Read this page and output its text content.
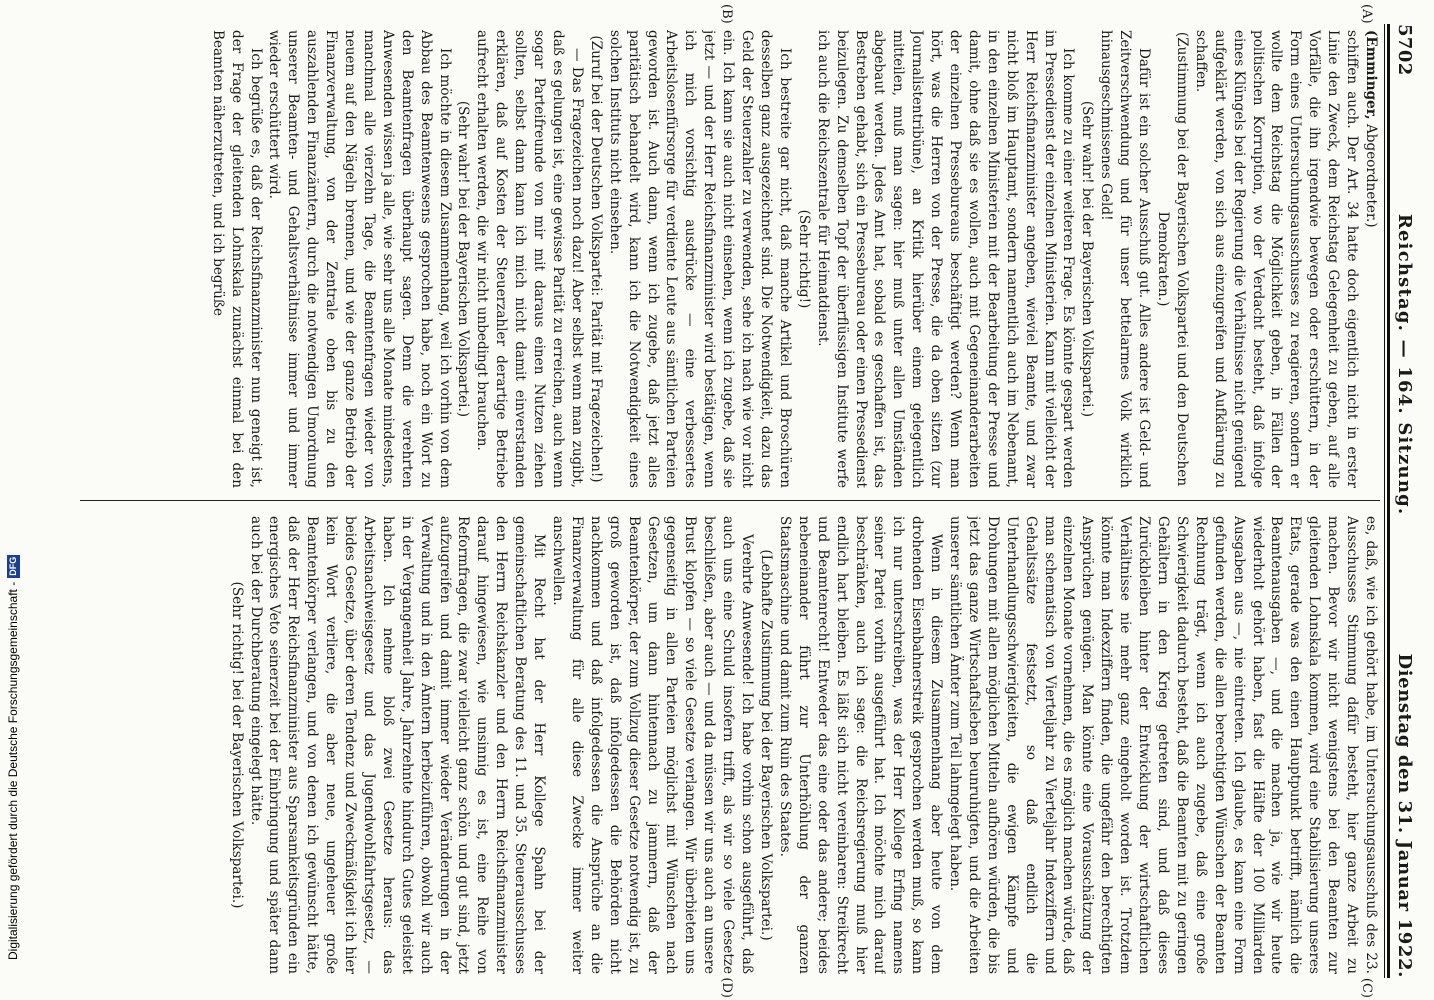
5702
Reichstag. — 164. Sitzung.
Dienstag den 31. Januar 1922.
(A)
(B)
(C)
(D)

(Emminger, Abgeordneter.)

schiffen auch. Der Art. 34 hatte doch eigentlich nicht in erster Linie den Zweck, dem Reichstag Gelegenheit zu geben, auf alle Vorfälle, die ihn irgendwie bewegen oder erschüttern, in der Form eines Untersuchungsausschusses zu reagieren, sondern er wollte dem Reichstag die Möglichkeit geben, in Fällen der politischen Korruption, wo der Verdacht besteht, daß infolge eines Klüngels bei der Regierung die Verhältnisse nicht genügend aufgeklärt werden, von sich aus einzugreifen und Aufklärung zu schaffen.

(Zustimmung bei der Bayerischen Volkspartei und den Deutschen Demokraten.)

Dafür ist ein solcher Ausschuß gut. Alles andere ist Geld- und Zeitverschwendung und für unser bettelarmes Volk wirklich hinausgeschmissenes Geld!

(Sehr wahr! bei der Bayerischen Volkspartei.)

Ich komme zu einer weiteren Frage. Es könnte gespart werden im Pressedienst der einzelnen Ministerien. Kann mit vielleicht der Herr Reichsfinanzminister angeben, wieviel Beamte, und zwar nicht bloß im Hauptamt, sondern namentlich auch im Nebenamt, in den einzelnen Ministerien mit der Bearbeitung der Presse und damit, ohne daß sie es wollen, auch mit Gegeneinanderarbeiten der einzelnen Pressebureaus beschäftigt werden? Wenn man hört, was die Herren von der Presse, die da oben sitzen (zur Journalistentribüne), an Kritik hierüber einem gelegentlich mitteilen, muß man sagen: hier muß unter allen Umständen abgebaut werden. Jedes Amt hat, sobald es geschaffen ist, das Bestreben gehabt, sich ein Pressebureau oder einen Pressedienst beizulegen. Zu demselben Topf der überflüssigen Institute werfe ich auch die Reichszentrale für Heimatdienst.

(Sehr richtig!)

Ich bestreite gar nicht, daß manche Artikel und Broschüren desselben ganz ausgezeichnet sind. Die Notwendigkeit, dazu das Geld der Steuerzahler zu verwenden, sehe ich nach wie vor nicht ein. Ich kann sie auch nicht einsehen, wenn ich zugebe, daß sie jetzt — und der Herr Reichsfinanzminister wird bestätigen, wenn ich mich vorsichtig ausdrücke — eine verbessertes Arbeitslosenfürsorge für verdiente Leute aus sämtlichen Parteien geworden ist. Auch dann, wenn ich zugebe, daß jetzt alles paritätisch behandelt wird, kann ich die Notwendigkeit eines solchen Instituts nicht einsehen.

(Zuruf bei der Deutschen Volkspartei: Parität mit Fragezeichen!)

— Das Fragezeichen noch dazu! Aber selbst wenn man zugibt, daß es gelungen ist, eine gewisse Parität zu erreichen, auch wenn sogar Parteifreunde von mir mit daraus einen Nutzen ziehen sollten, selbst dann kann ich mich nicht damit einverstanden erklären, daß auf Kosten der Steuerzahler derartige Betriebe aufrecht erhalten werden, die wir nicht unbedingt brauchen.

(Sehr wahr! bei der Bayerischen Volkspartei.)

Ich möchte in diesem Zusammenhang, weil ich vorhin von dem Abbau des Beamtenwesens gesprochen habe, noch ein Wort zu den Beamtenfragen überhaupt sagen. Denn die verehrten Anwesenden wissen ja alle, wie sehr uns alle Monate mindestens, manchmal alle vierzehn Tage, die Beamtenfragen wieder von neuem auf den Nägeln brennen, und wie der ganze Betrieb der Finanzverwaltung, von der Zentrale oben bis zu den auszahlenden Finanzämtern, durch die notwendigen Umordnung unserer Beamten- und Gehaltsverhältnisse immer und immer wieder erschüttert wird.

Ich begrüße es, daß der Reichsfinanzminister nun geneigt ist, der Frage der gleitenden Lohnskala zunächst einmal bei den Beamten näherzutreten, und ich begrüße

es, daß, wie ich gehört habe, im Untersuchungsausschuß des 23. Ausschusses Stimmung dafür besteht, hier ganze Arbeit zu machen. Bevor wir nicht wenigstens bei den Beamten zur gleitenden Lohnskala kommen, wird eine Stabilisierung unseres Etats, gerade was den einen Hauptpunkt betrifft, nämlich die Beamtenausgaben —, und die machen ja, wie wir heute wiederholt gehört haben, fast die Hälfte der 100 Milliarden Ausgaben aus —, nie eintreten. Ich glaube, es kann eine Form gefunden werden, die allen berechtigten Wünschen der Beamten Rechnung trägt, wenn ich auch zugebe, daß eine große Schwierigkeit dadurch besteht, daß die Beamten mit zu geringen Gehältern in den Krieg getreten sind, und daß dieses Zurückbleiben hinter der Entwicklung der wirtschaftlichen Verhältnisse nie mehr ganz eingeholt worden ist. Trotzdem könnte man Indexziffern finden, die ungefähr den berechtigten Ansprüchen genügen. Man könnte eine Vorausschätzung der einzelnen Monate vornehmen, die es möglich machen würde, daß man schematisch von Vierteljahr zu Vierteljahr Indexziffern und Gehaltssätze festsetzt, so daß endlich die Unterhandlungsschwierigkeiten, die ewigen Kämpfe und Drohungen mit allen möglichen Mitteln aufhören würden, die bis jetzt das ganze Wirtschaftsleben beunruhigten, und die Arbeiten unserer sämtlichen Ämter zum Teil lahmgelegt haben.

Wenn in diesem Zusammenhang aber heute von dem drohenden Eisenbahnerstreik gesprochen werden muß, so kann ich nur unterschreiben, was der Herr Kollege Erfing namens seiner Partei vorhin ausgeführt hat. Ich möchte mich darauf beschränken, auch ich sage: die Reichsregierung muß hier endlich hart bleiben. Es läßt sich nicht vereinbaren: Streikrecht und Beamtenrecht! Entweder das eine oder das andere; beides nebeneinander führt zur Unterhöhlung der ganzen Staatsmaschine und damit zum Ruin des Staates.

(Lebhafte Zustimmung bei der Bayerischen Volkspartei.)

Verehrte Anwesende! Ich habe vorhin schon ausgeführt, daß auch uns eine Schuld insofern trifft, als wir so viele Gesetze beschließen, aber auch — und da müssen wir uns auch an unsere Brust klopfen — so viele Gesetze verlangen. Wir überbieten uns gegenseitig in allen Parteien möglichst mit Wünschen nach Gesetzen, um dann hintennach zu jammern, daß der Beamtenkörper, der zum Vollzug dieser Gesetze notwendig ist, zu groß geworden ist, daß infolgedessen die Behörden nicht nachkommen und daß infolgedessen die Ansprüche an die Finanzverwaltung für alle diese Zwecke immer weiter anschwellen.

Mit Recht hat der Herr Kollege Spahn bei der gemeinschaftlichen Beratung des 11. und 35. Steuerausschusses den Herrn Reichskanzler und den Herrn Reichsfinanzminister darauf hingewiesen, wie unsinnig es ist, eine Reihe von Reformfragen, die zwar vielleicht ganz schön und gut sind, jetzt aufzugreifen und damit immer wieder Veränderungen in der Verwaltung und in den Ämtern herbeizuführen, obwohl wir auch in der Vergangenheit Jahre, Jahrzehnte hindurch Gutes geleistet haben. Ich nehme bloß zwei Gesetze heraus: das Arbeitsnachweisgesetz und das Jugendwohlfahrtsgesetz, — beides Gesetze, über deren Tendenz und Zweckmäßigkeit ich hier kein Wort verliere, die aber neue, ungeheuer große Beamtenkörper verlangen, und von denen ich gewünscht hätte, daß der Herr Reichsfinanzminister aus Sparsamkeitsgründen ein energisches Veto seinerzeit bei der Einbringung und später dann auch bei der Durchberatung eingelegt hätte.

(Sehr richtig! bei der Bayerischen Volkspartei.)

Digitalisierung gefördert durch die Deutsche Forschungsgemeinschaft -
DFG
